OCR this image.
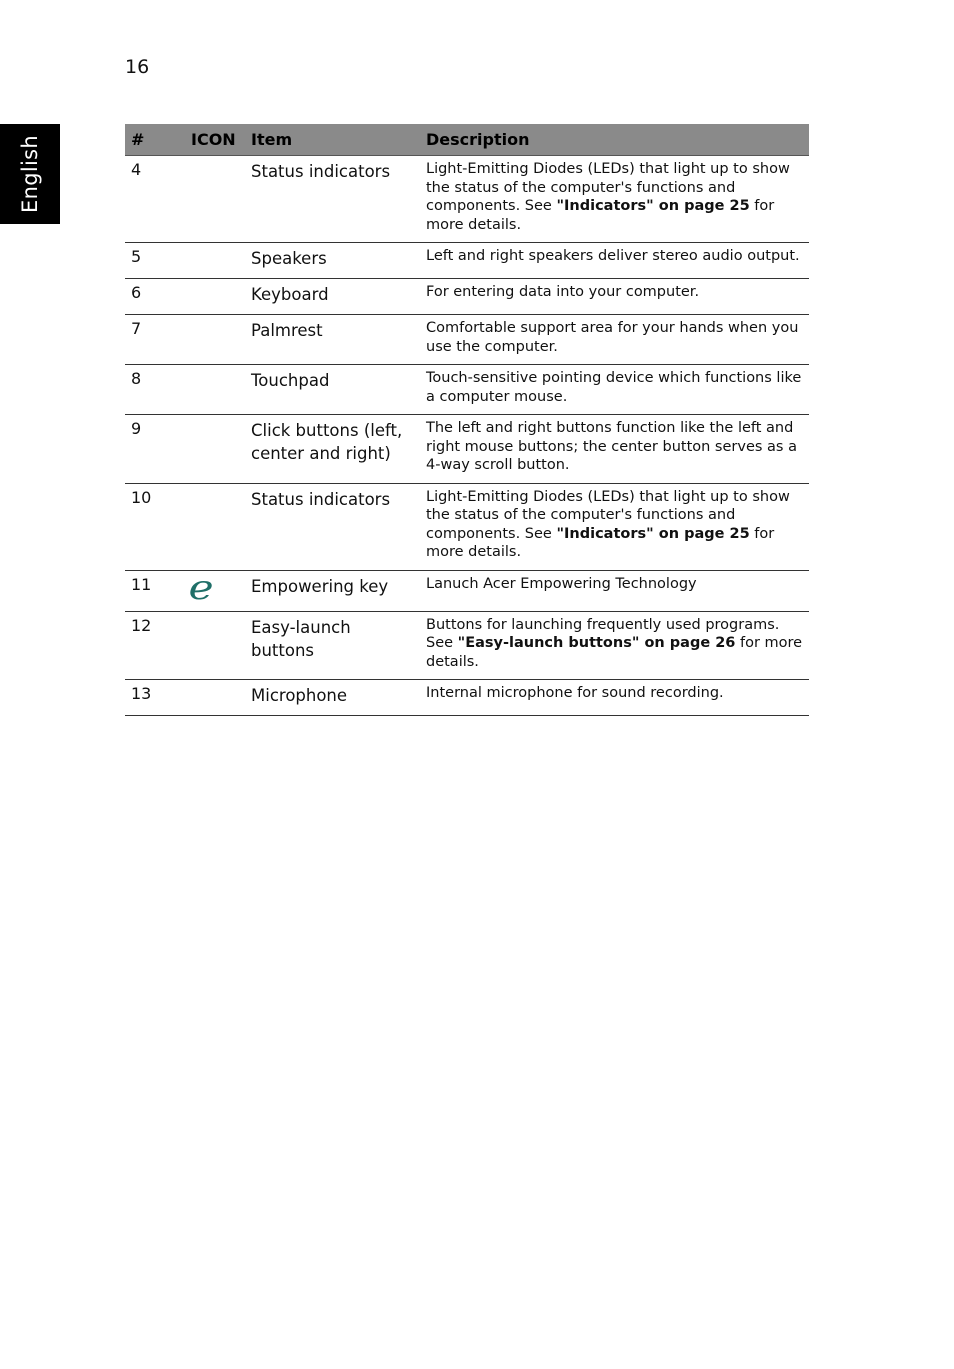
16
English	#	ICON	Item	Description
4		Status indicators	Light-Emitting Diodes (LEDs) that light up to show the status of the computer's functions and components. See "Indicators" on page 25 for more details.
5		Speakers	Left and right speakers deliver stereo audio output.
6		Keyboard	For entering data into your computer.
7		Palmrest	Comfortable support area for your hands when you use the computer.
8		Touchpad	Touch-sensitive pointing device which functions like a computer mouse.
9		Click buttons (left, center and right)	The left and right buttons function like the left and right mouse buttons; the center button serves as a 4-way scroll button.
10		Status indicators	Light-Emitting Diodes (LEDs) that light up to show the status of the computer's functions and components. See "Indicators" on page 25 for more details.
11	e	Empowering key	Lanuch Acer Empowering Technology
12		Easy-launch buttons	Buttons for launching frequently used programs. See "Easy-launch buttons" on page 26 for more details.
13		Microphone	Internal microphone for sound recording.
